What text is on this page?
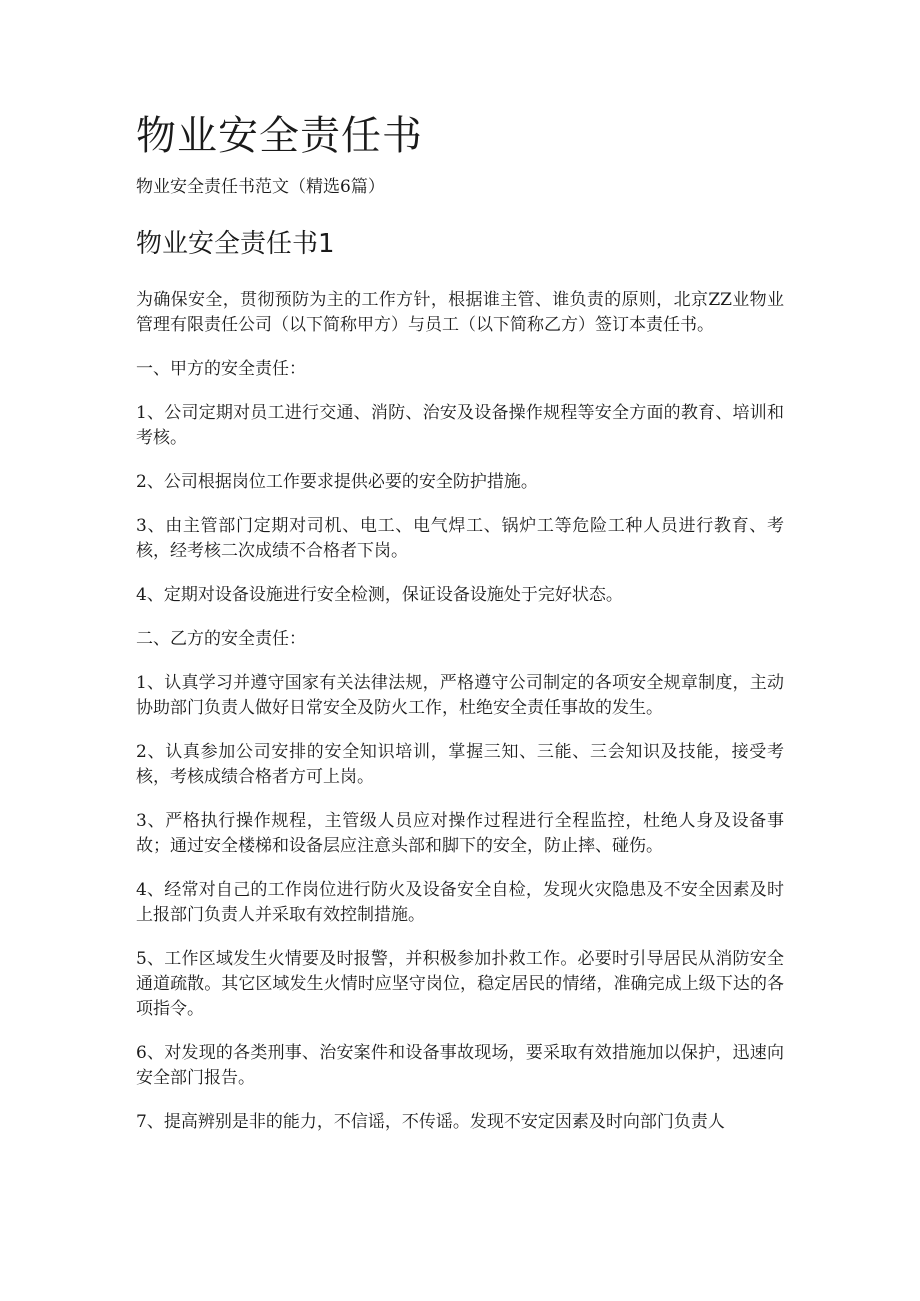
物业安全责任书

物业安全责任书范文（精选6篇）

物业安全责任书1

为确保安全，贯彻预防为主的工作方针，根据谁主管、谁负责的原则，北京ZZ业物业管理有限责任公司（以下简称甲方）与员工（以下简称乙方）签订本责任书。

一、甲方的安全责任：

1、公司定期对员工进行交通、消防、治安及设备操作规程等安全方面的教育、培训和考核。

2、公司根据岗位工作要求提供必要的安全防护措施。

3、由主管部门定期对司机、电工、电气焊工、锅炉工等危险工种人员进行教育、考核，经考核二次成绩不合格者下岗。

4、定期对设备设施进行安全检测，保证设备设施处于完好状态。

二、乙方的安全责任：

1、认真学习并遵守国家有关法律法规，严格遵守公司制定的各项安全规章制度，主动协助部门负责人做好日常安全及防火工作，杜绝安全责任事故的发生。

2、认真参加公司安排的安全知识培训，掌握三知、三能、三会知识及技能，接受考核，考核成绩合格者方可上岗。

3、严格执行操作规程，主管级人员应对操作过程进行全程监控，杜绝人身及设备事故；通过安全楼梯和设备层应注意头部和脚下的安全，防止摔、碰伤。

4、经常对自己的工作岗位进行防火及设备安全自检，发现火灾隐患及不安全因素及时上报部门负责人并采取有效控制措施。

5、工作区域发生火情要及时报警，并积极参加扑救工作。必要时引导居民从消防安全通道疏散。其它区域发生火情时应坚守岗位，稳定居民的情绪，准确完成上级下达的各项指令。

6、对发现的各类刑事、治安案件和设备事故现场，要采取有效措施加以保护，迅速向安全部门报告。

7、提高辨别是非的能力，不信谣，不传谣。发现不安定因素及时向部门负责人
